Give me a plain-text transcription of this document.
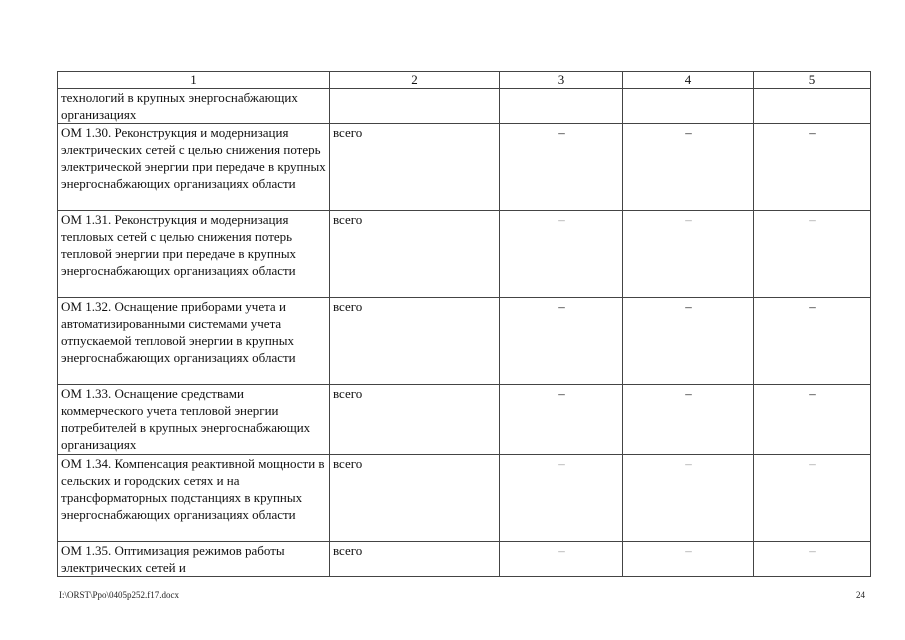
1	2	3	4	5
технологий в крупных энергоснабжающих организациях				
ОМ 1.30. Реконструкция и модернизация электрических сетей с целью снижения потерь электрической энергии при передаче в крупных энергоснабжающих организациях области	всего	–	–	–
ОМ 1.31. Реконструкция и модернизация тепловых сетей с целью снижения потерь тепловой энергии при передаче в крупных энергоснабжающих организациях области	всего	–	–	–
ОМ 1.32. Оснащение приборами учета и автоматизированными системами учета отпускаемой тепловой энергии в крупных энергоснабжающих организациях области	всего	–	–	–
ОМ 1.33. Оснащение средствами коммерческого учета тепловой энергии потребителей в крупных энергоснабжающих организациях	всего	–	–	–
ОМ 1.34. Компенсация реактивной мощности в сельских и городских сетях и на трансформаторных подстанциях в крупных энергоснабжающих организациях области	всего	–	–	–
ОМ 1.35. Оптимизация режимов работы электрических сетей и	всего	–	–	–
I:\ORST\Ppo\0405p252.f17.docx	24
